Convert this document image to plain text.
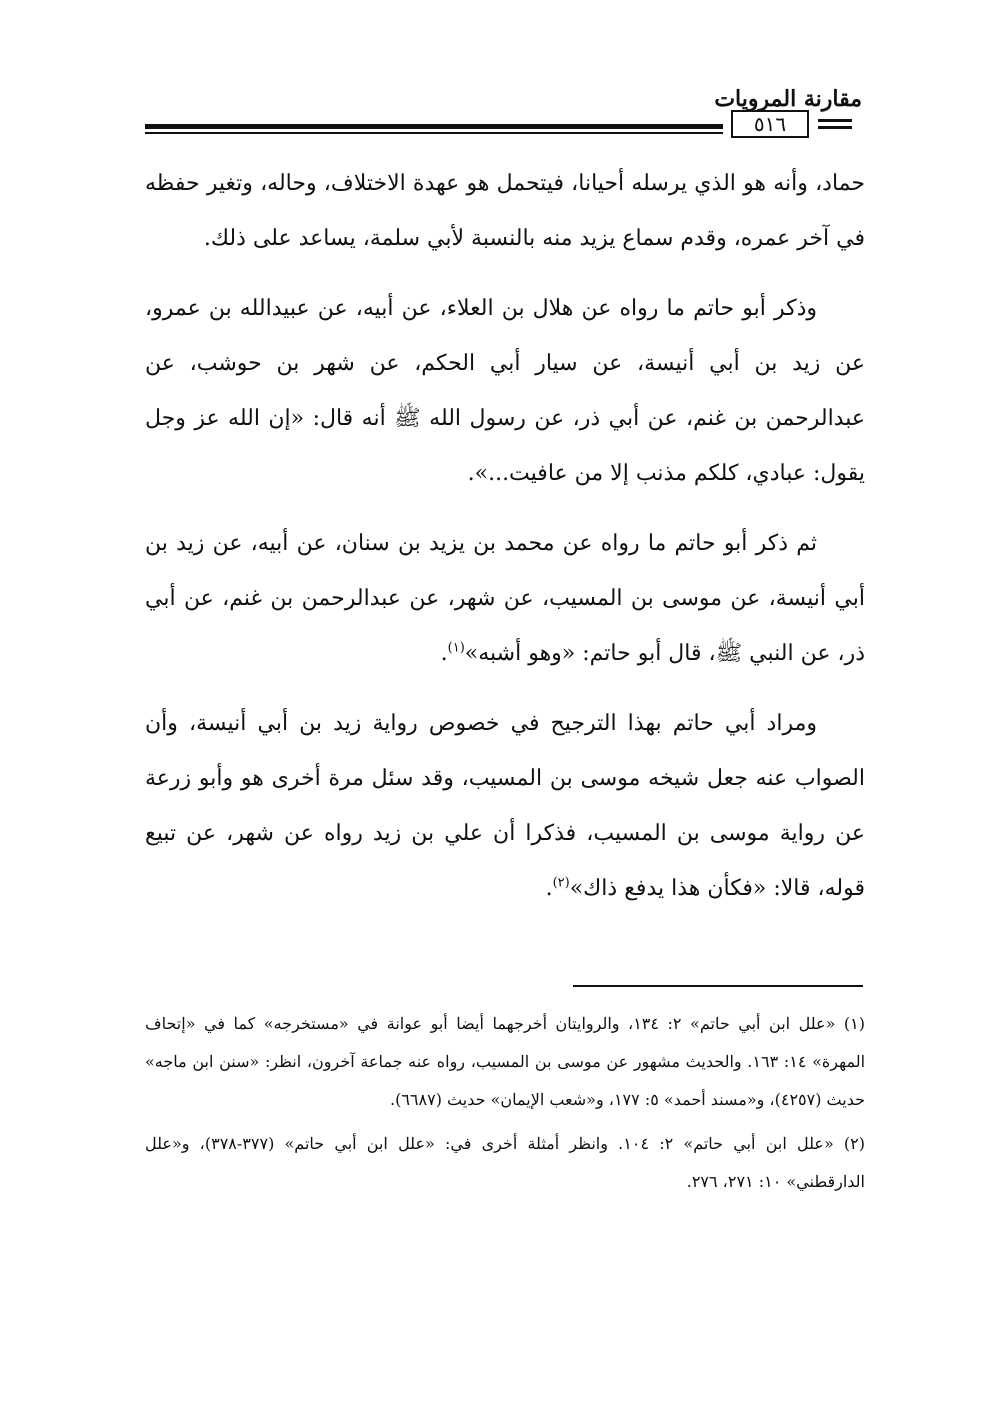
مقارنة المرويات
٥١٦

حماد، وأنه هو الذي يرسله أحيانا، فيتحمل هو عهدة الاختلاف، وحاله، وتغير حفظه في آخر عمره، وقدم سماع يزيد منه بالنسبة لأبي سلمة، يساعد على ذلك.

وذكر أبو حاتم ما رواه عن هلال بن العلاء، عن أبيه، عن عبيدالله بن عمرو، عن زيد بن أبي أنيسة، عن سيار أبي الحكم، عن شهر بن حوشب، عن عبدالرحمن بن غنم، عن أبي ذر، عن رسول الله ﷺ أنه قال: «إن الله عز وجل يقول: عبادي، كلكم مذنب إلا من عافيت...».

ثم ذكر أبو حاتم ما رواه عن محمد بن يزيد بن سنان، عن أبيه، عن زيد بن أبي أنيسة، عن موسى بن المسيب، عن شهر، عن عبدالرحمن بن غنم، عن أبي ذر، عن النبي ﷺ، قال أبو حاتم: «وهو أشبه»$^{(١)}$.

ومراد أبي حاتم بهذا الترجيح في خصوص رواية زيد بن أبي أنيسة، وأن الصواب عنه جعل شيخه موسى بن المسيب، وقد سئل مرة أخرى هو وأبو زرعة عن رواية موسى بن المسيب، فذكرا أن علي بن زيد رواه عن شهر، عن تبيع قوله، قالا: «فكأن هذا يدفع ذاك»$^{(٢)}$.

(١) «علل ابن أبي حاتم» ٢: ١٣٤، والروايتان أخرجهما أيضا أبو عوانة في «مستخرجه» كما في «إتحاف المهرة» ١٤: ١٦٣. والحديث مشهور عن موسى بن المسيب، رواه عنه جماعة آخرون، انظر: «سنن ابن ماجه» حديث (٤٢٥٧)، و«مسند أحمد» ٥: ١٧٧، و«شعب الإيمان» حديث (٦٦٨٧).

(٢) «علل ابن أبي حاتم» ٢: ١٠٤. وانظر أمثلة أخرى في: «علل ابن أبي حاتم» (٣٧٧-٣٧٨)، و«علل الدارقطني» ١٠: ٢٧١، ٢٧٦.
